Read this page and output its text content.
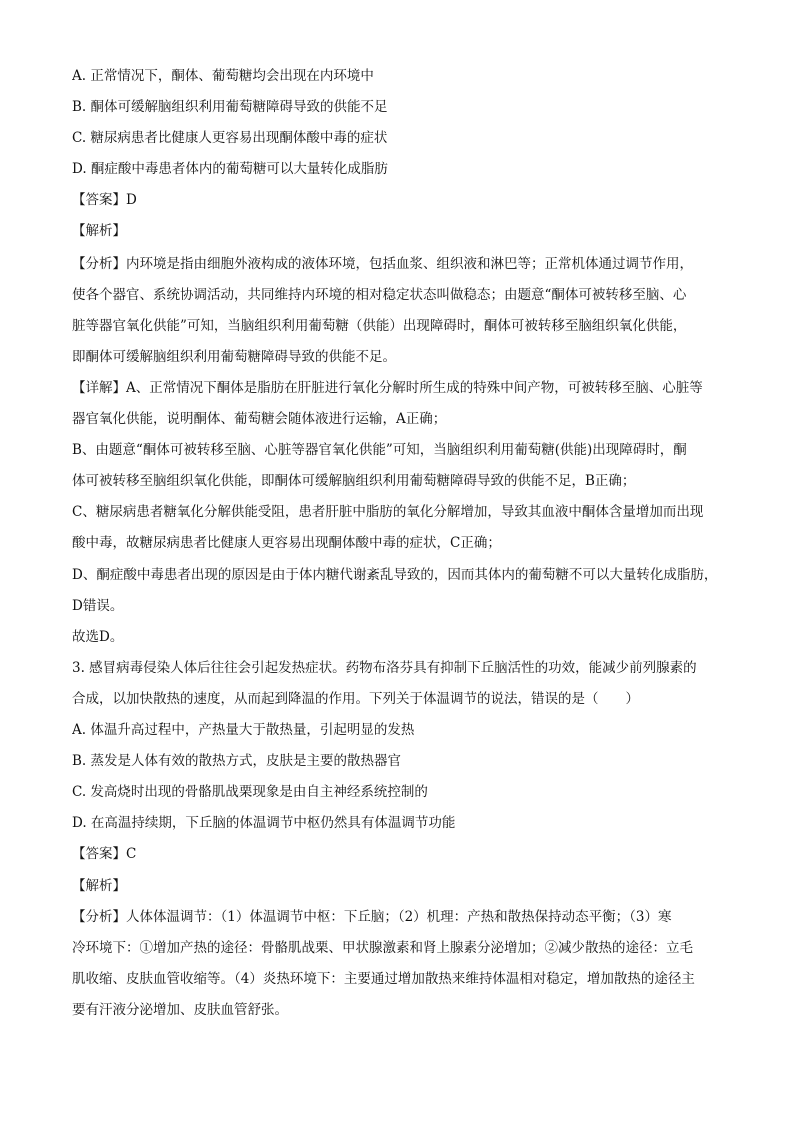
A. 正常情况下，酮体、葡萄糖均会出现在内环境中
B. 酮体可缓解脑组织利用葡萄糖障碍导致的供能不足
C. 糖尿病患者比健康人更容易出现酮体酸中毒的症状
D. 酮症酸中毒患者体内的葡萄糖可以大量转化成脂肪
【答案】D
【解析】
【分析】内环境是指由细胞外液构成的液体环境，包括血浆、组织液和淋巴等；正常机体通过调节作用，
使各个器官、系统协调活动，共同维持内环境的相对稳定状态叫做稳态；由题意“酮体可被转移至脑、心
脏等器官氧化供能”可知，当脑组织利用葡萄糖（供能）出现障碍时，酮体可被转移至脑组织氧化供能，
即酮体可缓解脑组织利用葡萄糖障碍导致的供能不足。
【详解】A、正常情况下酮体是脂肪在肝脏进行氧化分解时所生成的特殊中间产物，可被转移至脑、心脏等
器官氧化供能，说明酮体、葡萄糖会随体液进行运输，A正确；
B、由题意“酮体可被转移至脑、心脏等器官氧化供能”可知，当脑组织利用葡萄糖(供能)出现障碍时，酮
体可被转移至脑组织氧化供能，即酮体可缓解脑组织利用葡萄糖障碍导致的供能不足，B正确；
C、糖尿病患者糖氧化分解供能受阻，患者肝脏中脂肪的氧化分解增加，导致其血液中酮体含量增加而出现
酸中毒，故糖尿病患者比健康人更容易出现酮体酸中毒的症状，C正确；
D、酮症酸中毒患者出现的原因是由于体内糖代谢紊乱导致的，因而其体内的葡萄糖不可以大量转化成脂肪，
D错误。
故选D。
3. 感冒病毒侵染人体后往往会引起发热症状。药物布洛芬具有抑制下丘脑活性的功效，能减少前列腺素的
合成，以加快散热的速度，从而起到降温的作用。下列关于体温调节的说法，错误的是（　　）
A. 体温升高过程中，产热量大于散热量，引起明显的发热
B. 蒸发是人体有效的散热方式，皮肤是主要的散热器官
C. 发高烧时出现的骨骼肌战栗现象是由自主神经系统控制的
D. 在高温持续期，下丘脑的体温调节中枢仍然具有体温调节功能
【答案】C
【解析】
【分析】人体体温调节：（1）体温调节中枢：下丘脑；（2）机理：产热和散热保持动态平衡；（3）寒
冷环境下：①增加产热的途径：骨骼肌战栗、甲状腺激素和肾上腺素分泌增加；②减少散热的途径：立毛
肌收缩、皮肤血管收缩等。（4）炎热环境下：主要通过增加散热来维持体温相对稳定，增加散热的途径主
要有汗液分泌增加、皮肤血管舒张。
